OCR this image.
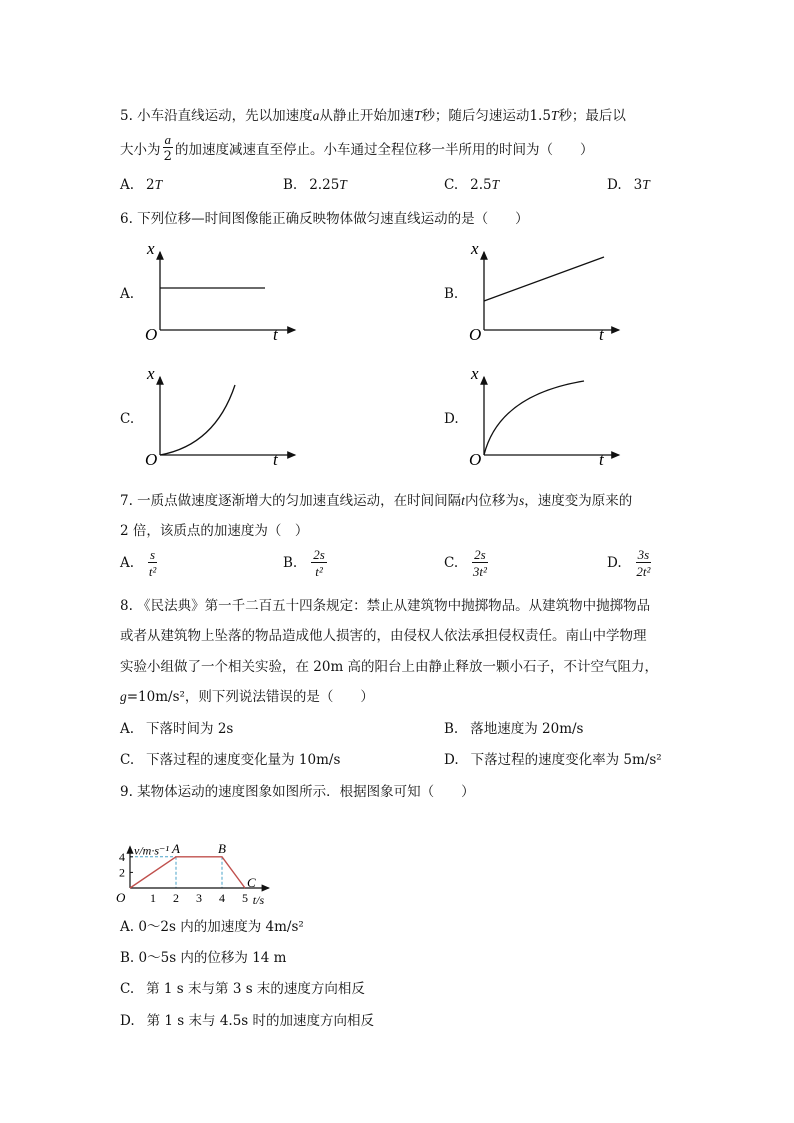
5. 小车沿直线运动，先以加速度a从静止开始加速T秒；随后匀速运动1.5T秒；最后以
大小为 $\frac{a}{2}$ 的加速度减速直至停止。小车通过全程位移一半所用的时间为（　　）
A. 2T	B. 2.25T	C. 2.5T	D. 3T
6. 下列位移—时间图像能正确反映物体做匀速直线运动的是（　　）
A.
x
t
O
B.
x
t
O
C.
x
t
O
D.
x
t
O
7. 一质点做速度逐渐增大的匀加速直线运动，在时间间隔t内位移为s，速度变为原来的
2 倍，该质点的加速度为（　）
A. $\frac{s}{\text{t²}}$	B. $\frac{2s}{\text{t²}}$	C. $\frac{2s}{\text{3t²}}$	D. $\frac{3s}{\text{2t²}}$
8. 《民法典》第一千二百五十四条规定：禁止从建筑物中抛掷物品。从建筑物中抛掷物品
或者从建筑物上坠落的物品造成他人损害的，由侵权人依法承担侵权责任。南山中学物理
实验小组做了一个相关实验，在 20m 高的阳台上由静止释放一颗小石子，不计空气阻力，
g=10m/s²，则下列说法错误的是（　　）
A. 下落时间为 2s	B. 落地速度为 20m/s
C. 下落过程的速度变化量为 10m/s	D. 下落过程的速度变化率为 5m/s²
9. 某物体运动的速度图象如图所示．根据图象可知（　　）
1 2 3 4 5
2
4
O
A	B
C
v/m·s⁻¹
t/s
A. 0～2s 内的加速度为 4m/s²
B. 0～5s 内的位移为 14 m
C. 第 1 s 末与第 3 s 末的速度方向相反
D. 第 1 s 末与 4.5s 时的加速度方向相反
